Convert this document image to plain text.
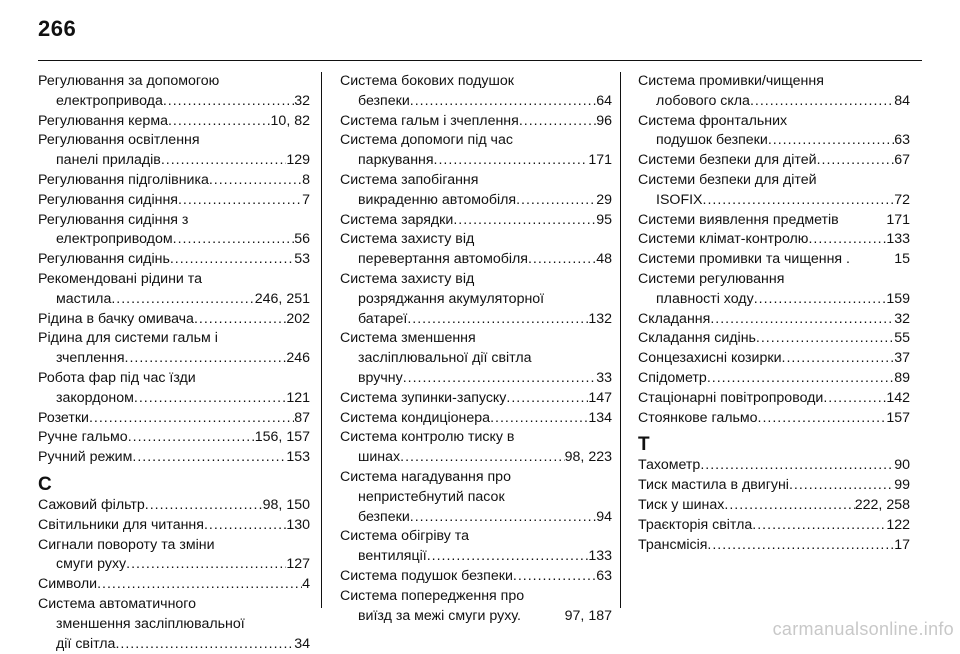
266
Регулювання за допомогою
електропривода .....	32
Регулювання керма .....	10, 82
Регулювання освітлення
панелі приладів .....	129
Регулювання підголівника .....	8
Регулювання сидіння .....	7
Регулювання сидіння з
електроприводом .....	56
Регулювання сидінь .....	53
Рекомендовані рідини та
мастила .....	246, 251
Рідина в бачку омивача .....	202
Рідина для системи гальм і
зчеплення .....	246
Робота фар під час їзди
закордоном .....	121
Розетки .....	87
Ручне гальмо .....	156, 157
Ручний режим .....	153
С
Сажовий фільтр .....	98, 150
Світильники для читання .....	130
Сигнали повороту та зміни
смуги руху .....	127
Символи .....	4
Система автоматичного
зменшення засліплювальної
дії світла .....	34
Система бокових подушок
безпеки .....	64
Система гальм і зчеплення .....	96
Система допомоги під час
паркування .....	171
Система запобігання
викраденню автомобіля .....	29
Система зарядки .....	95
Система захисту від
перевертання автомобіля .....	48
Система захисту від
розряджання акумуляторної
батареї .....	132
Система зменшення
засліплювальної дії світла
вручну .....	33
Система зупинки-запуску .....	147
Система кондиціонера .....	134
Система контролю тиску в
шинах .....	98, 223
Система нагадування про
непристебнутий пасок
безпеки .....	94
Система обігріву та
вентиляції .....	133
Система подушок безпеки .....	63
Система попередження про
виїзд за межі смуги руху.	97, 187
Система промивки/чищення
лобового скла .....	84
Система фронтальних
подушок безпеки .....	63
Системи безпеки для дітей .....	67
Системи безпеки для дітей
ISOFIX .....	72
Системи виявлення предметів	171
Системи клімат-контролю .....	133
Системи промивки та чищення .	15
Системи регулювання
плавності ходу .....	159
Складання .....	32
Складання сидінь .....	55
Сонцезахисні козирки .....	37
Спідометр .....	89
Стаціонарні повітропроводи .....	142
Стоянкове гальмо .....	157
Т
Тахометр .....	90
Тиск мастила в двигуні .....	99
Тиск у шинах .....	222, 258
Траєкторія світла .....	122
Трансмісія .....	17
carmanualsonline.info
